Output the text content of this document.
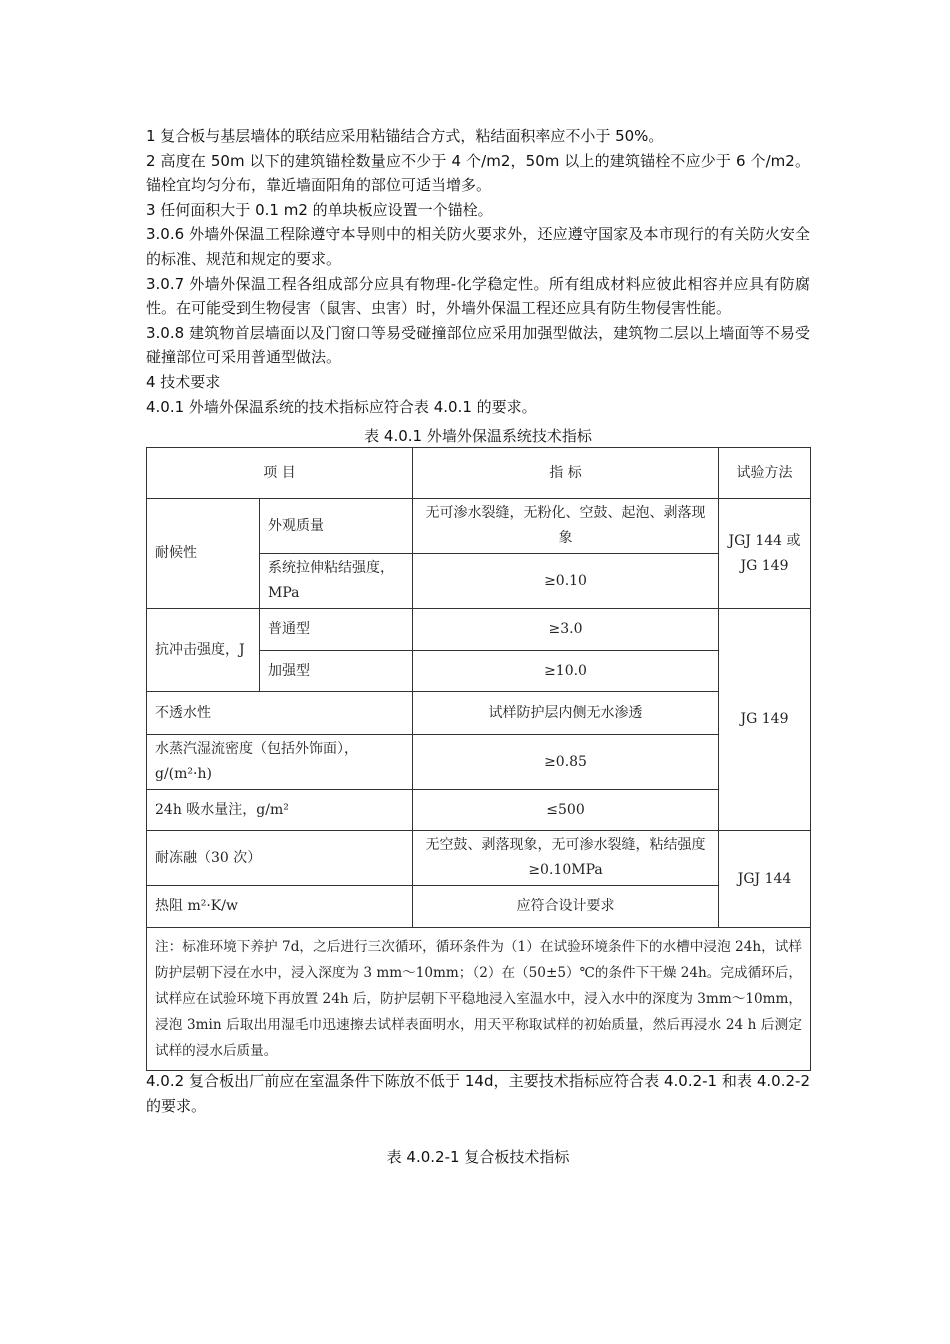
1 复合板与基层墙体的联结应采用粘锚结合方式，粘结面积率应不小于 50%。

2 高度在 50m 以下的建筑锚栓数量应不少于 4 个/m2，50m 以上的建筑锚栓不应少于 6 个/m2。锚栓宜均匀分布，靠近墙面阳角的部位可适当增多。

3 任何面积大于 0.1 m2 的单块板应设置一个锚栓。

3.0.6 外墙外保温工程除遵守本导则中的相关防火要求外，还应遵守国家及本市现行的有关防火安全的标准、规范和规定的要求。

3.0.7 外墙外保温工程各组成部分应具有物理-化学稳定性。所有组成材料应彼此相容并应具有防腐性。在可能受到生物侵害（鼠害、虫害）时，外墙外保温工程还应具有防生物侵害性能。

3.0.8 建筑物首层墙面以及门窗口等易受碰撞部位应采用加强型做法，建筑物二层以上墙面等不易受碰撞部位可采用普通型做法。

4 技术要求

4.0.1 外墙外保温系统的技术指标应符合表 4.0.1 的要求。

表 4.0.1 外墙外保温系统技术指标

项 目		指 标	试验方法
耐候性	外观质量	无可渗水裂缝，无粉化、空鼓、起泡、剥落现象	JGJ 144 或 JG 149
	系统拉伸粘结强度，MPa	≥0.10	
抗冲击强度，J	普通型	≥3.0	JG 149
	加强型	≥10.0	
不透水性		试样防护层内侧无水渗透	
水蒸汽湿流密度（包括外饰面），g/(m²·h)		≥0.85	
24h 吸水量注，g/m²		≤500	
耐冻融（30 次）		无空鼓、剥落现象，无可渗水裂缝，粘结强度≥0.10MPa	JGJ 144
热阻 m²·K/w		应符合设计要求	
注：标准环境下养护 7d，之后进行三次循环，循环条件为（1）在试验环境条件下的水槽中浸泡 24h，试样防护层朝下浸在水中，浸入深度为 3 mm～10mm；（2）在（50±5）℃的条件下干燥 24h。完成循环后，试样应在试验环境下再放置 24h 后，防护层朝下平稳地浸入室温水中，浸入水中的深度为 3mm～10mm，浸泡 3min 后取出用湿毛巾迅速擦去试样表面明水，用天平称取试样的初始质量，然后再浸水 24 h 后测定试样的浸水后质量。			

4.0.2 复合板出厂前应在室温条件下陈放不低于 14d，主要技术指标应符合表 4.0.2-1 和表 4.0.2-2 的要求。

表 4.0.2-1 复合板技术指标
